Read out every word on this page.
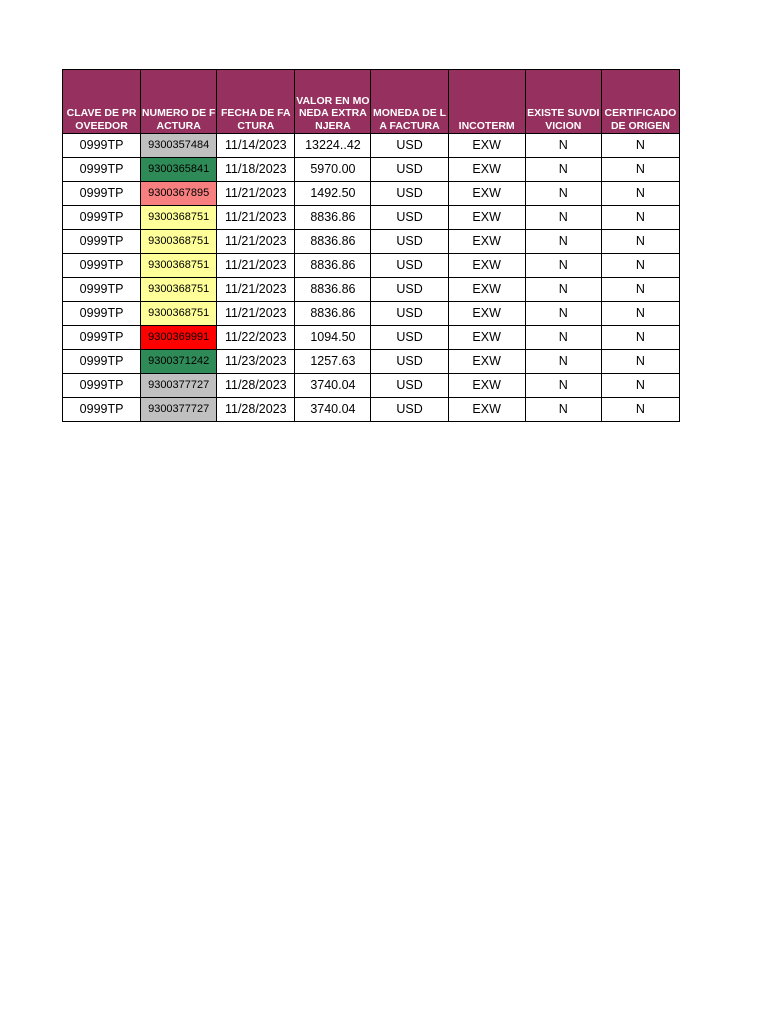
CLAVE DE PROVEEDOR	NUMERO DE FACTURA	FECHA DE FACTURA	VALOR EN MONEDA EXTRANJERA	MONEDA DE LA FACTURA	INCOTERM	EXISTE SUVDIVICION	CERTIFICADO DE ORIGEN
0999TP	9300357484	11/14/2023	13224..42	USD	EXW	N	N
0999TP	9300365841	11/18/2023	5970.00	USD	EXW	N	N
0999TP	9300367895	11/21/2023	1492.50	USD	EXW	N	N
0999TP	9300368751	11/21/2023	8836.86	USD	EXW	N	N
0999TP	9300368751	11/21/2023	8836.86	USD	EXW	N	N
0999TP	9300368751	11/21/2023	8836.86	USD	EXW	N	N
0999TP	9300368751	11/21/2023	8836.86	USD	EXW	N	N
0999TP	9300368751	11/21/2023	8836.86	USD	EXW	N	N
0999TP	9300369991	11/22/2023	1094.50	USD	EXW	N	N
0999TP	9300371242	11/23/2023	1257.63	USD	EXW	N	N
0999TP	9300377727	11/28/2023	3740.04	USD	EXW	N	N
0999TP	9300377727	11/28/2023	3740.04	USD	EXW	N	N
